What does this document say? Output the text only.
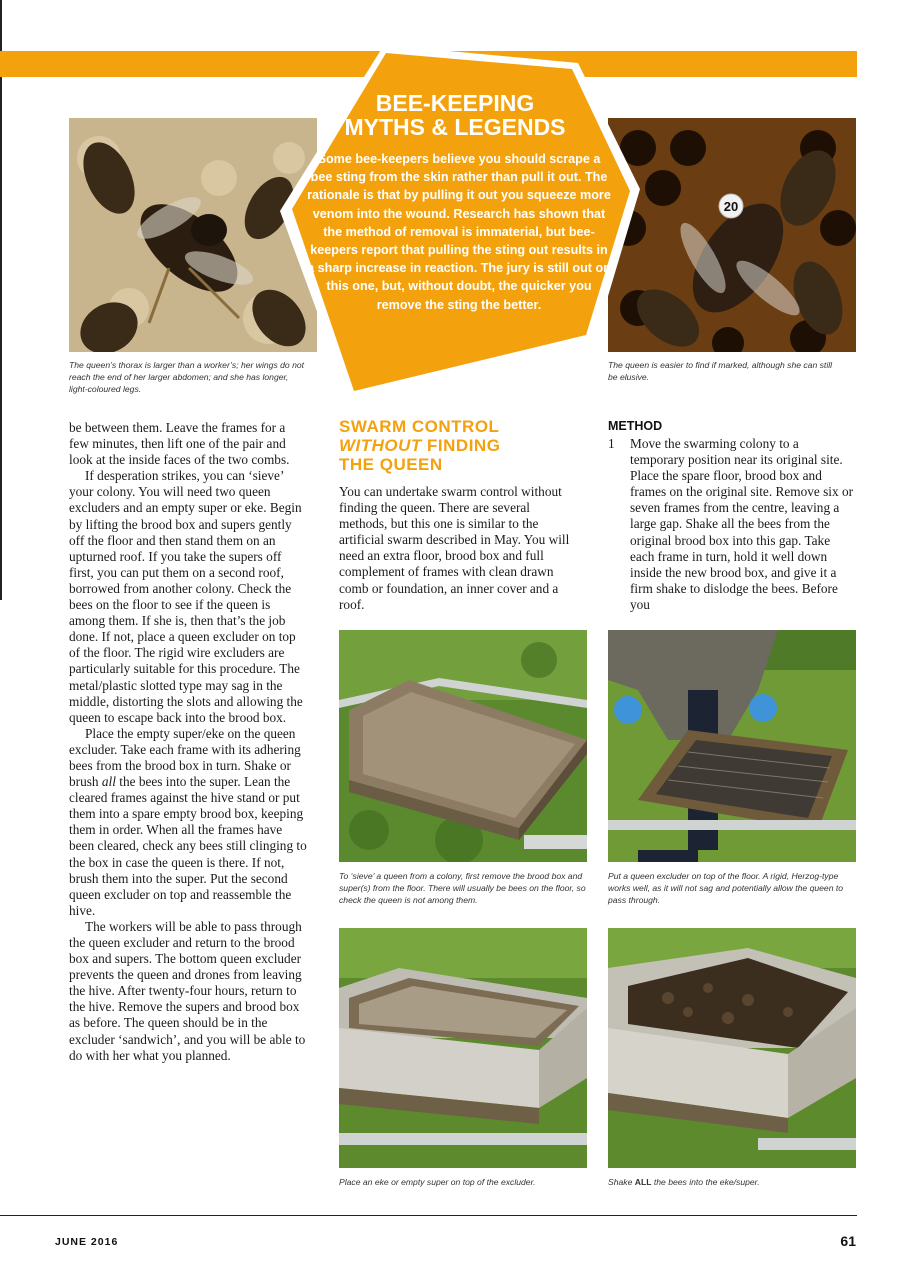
The queen’s thorax is larger than a worker’s; her wings do not reach the end of her larger abdomen; and she has longer, light-coloured legs.

20

The queen is easier to find if marked, although she can still be elusive.

BEE-KEEPING
MYTHS & LEGENDS

Some bee-keepers believe you should scrape a bee sting from the skin rather than pull it out. The rationale is that by pulling it out you squeeze more venom into the wound. Research has shown that the method of removal is immaterial, but bee-keepers report that pulling the sting out results in a sharp increase in reaction. The jury is still out on this one, but, without doubt, the quicker you remove the sting the better.

be between them. Leave the frames for a few minutes, then lift one of the pair and look at the inside faces of the two combs.

If desperation strikes, you can ‘sieve’ your colony. You will need two queen excluders and an empty super or eke. Begin by lifting the brood box and supers gently off the floor and then stand them on an upturned roof. If you take the supers off first, you can put them on a second roof, borrowed from another colony. Check the bees on the floor to see if the queen is among them. If she is, then that’s the job done. If not, place a queen excluder on top of the floor. The rigid wire excluders are particularly suitable for this procedure. The metal/plastic slotted type may sag in the middle, distorting the slots and allowing the queen to escape back into the brood box.

Place the empty super/eke on the queen excluder. Take each frame with its adhering bees from the brood box in turn. Shake or brush all the bees into the super. Lean the cleared frames against the hive stand or put them into a spare empty brood box, keeping them in order. When all the frames have been cleared, check any bees still clinging to the box in case the queen is there. If not, brush them into the super. Put the second queen excluder on top and reassemble the hive.

The workers will be able to pass through the queen excluder and return to the brood box and supers. The bottom queen excluder prevents the queen and drones from leaving the hive. After twenty-four hours, return to the hive. Remove the supers and brood box as before. The queen should be in the excluder ‘sandwich’, and you will be able to do with her what you planned.

SWARM CONTROL
WITHOUT FINDING
THE QUEEN

You can undertake swarm control without finding the queen. There are several methods, but this one is similar to the artificial swarm described in May. You will need an extra floor, brood box and full complement of frames with clean drawn comb or foundation, an inner cover and a roof.

METHOD
1 Move the swarming colony to a temporary position near its original site. Place the spare floor, brood box and frames on the original site. Remove six or seven frames from the centre, leaving a large gap. Shake all the bees from the original brood box into this gap. Take each frame in turn, hold it well down inside the new brood box, and give it a firm shake to dislodge the bees. Before you

To ‘sieve’ a queen from a colony, first remove the brood box and super(s) from the floor. There will usually be bees on the floor, so check the queen is not among them.

Put a queen excluder on top of the floor. A rigid, Herzog-type works well, as it will not sag and potentially allow the queen to pass through.

Place an eke or empty super on top of the excluder.	Shake ALL the bees into the eke/super.

JUNE 2016	61
